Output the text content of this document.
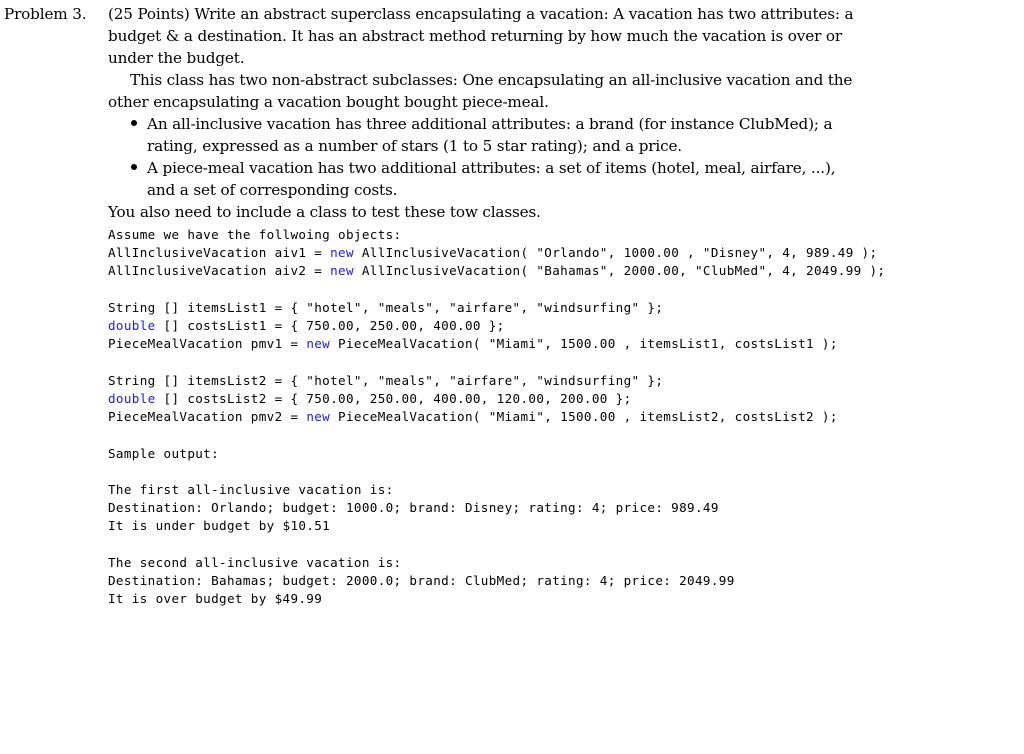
Problem 3. (25 Points) Write an abstract superclass encapsulating a vacation: A vacation has two attributes: a
budget & a destination. It has an abstract method returning by how much the vacation is over or
under the budget.
This class has two non-abstract subclasses: One encapsulating an all-inclusive vacation and the
other encapsulating a vacation bought bought piece-meal.
An all-inclusive vacation has three additional attributes: a brand (for instance ClubMed); a
rating, expressed as a number of stars (1 to 5 star rating); and a price.
A piece-meal vacation has two additional attributes: a set of items (hotel, meal, airfare, ...),
and a set of corresponding costs.
You also need to include a class to test these tow classes.

Assume we have the follwoing objects:

AllInclusiveVacation aiv1 = new AllInclusiveVacation( "Orlando", 1000.00 , "Disney", 4, 989.49 );

AllInclusiveVacation aiv2 = new AllInclusiveVacation( "Bahamas", 2000.00, "ClubMed", 4, 2049.99 );

String [] itemsList1 = { "hotel", "meals", "airfare", "windsurfing" };

double [] costsList1 = { 750.00, 250.00, 400.00 };

PieceMealVacation pmv1 = new PieceMealVacation( "Miami", 1500.00 , itemsList1, costsList1 );

String [] itemsList2 = { "hotel", "meals", "airfare", "windsurfing" };

double [] costsList2 = { 750.00, 250.00, 400.00, 120.00, 200.00 };

PieceMealVacation pmv2 = new PieceMealVacation( "Miami", 1500.00 , itemsList2, costsList2 );

Sample output:

The first all-inclusive vacation is:

Destination: Orlando; budget: 1000.0; brand: Disney; rating: 4; price: 989.49

It is under budget by $10.51

The second all-inclusive vacation is:

Destination: Bahamas; budget: 2000.0; brand: ClubMed; rating: 4; price: 2049.99

It is over budget by $49.99
